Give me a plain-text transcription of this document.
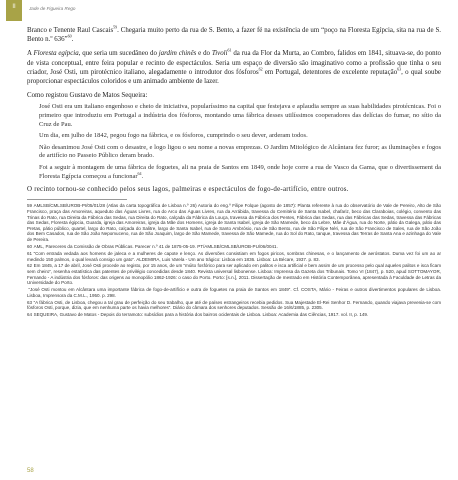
II	Jade de Figueira Rego

Branco e Tenente Raul Cascais$^{59}$. Chegaria muito perto da rua de S. Bento, a fazer fé na existência de um “poço na Floresta Egípcia, sita na rua de S. Bento n.º 636”$^{60}$.

A Floresta egípcia, que seria um sucedâneo do jardim chinês e do Tivoli$^{61}$ da rua da Flor da Murta, ao Combro, falidos em 1841, situava-se, do ponto de vista conceptual, entre feira popular e recinto de espectáculos. Seria um espaço de diversão são imaginativo como a profissão que tinha o seu criador, José Osti, um pirotécnico italiano, alegadamente o introdutor dos fósforos$^{62}$ em Portugal, detentores de excelente reputação$^{63}$, o qual soube proporcionar espectáculos coloridos e um animado ambiente de lazer.

Como registou Gustavo de Matos Sequeira:

José Osti era um italiano engenhoso e cheio de iniciativa, popularíssimo na capital que festejava e aplaudia sempre as suas habilidades pirotécnicas. Foi o primeiro que introduziu em Portugal a indústria dos fósforos, montando uma fábrica desses utilíssimos cooperadores das delícias do fumar, no sítio da Cruz de Pau.

Um dia, em julho de 1842, pegou fogo na fábrica, e os fósforos, cumprindo o seu dever, arderam todos.

Não desanimou José Osti com o desastre, e logo ligou o seu nome a novas emprezas. O Jardim Mitológico de Alcântara fez furor; as iluminações e fogos de artifício no Passeio Público deram brado.

Foi a seguir à montagem de uma fábrica de foguetes, ali na praia de Santos em 1849, onde hoje corre a rua de Vasco da Gama, que o divertissement da Floresta Egípcia começou a funcionar$^{64}$.

O recinto tornou-se conhecido pelos seus lagos, palmeiras e espectáculos de fogo-de-artifício, entre outros.

59 AMLSB/CMLSB/UROB-PI/05/01/28 (Atlas da carta topográfica de Lisboa n.º 26) Autoria do eng.º Filipe Folque (agosto de 1857): Planta referente à rua do observatório de Vale de Pereiro, Alto de São Francisco, praça das Amoreiras, aqueduto das Águas Livres, rua do Arco das Águas Livres, rua da Arrábida, travessa do Cemitério de Santa Isabel, chafariz, beco das Claraboias, colégio, convento das Trinas do Rato, rua Direita da Fábrica das Sedas, rua Direita do Rato, calçada da Fábrica da Louça, travessa da Fábrica dos Pentes, Fábrica das Sedas, rua das Fábricas das Sedas, travessa das Fábricas das Sedas, Floresta égipcia, Guarda, igreja das Amoreiras, igreja da Mãe dos Homens, igreja de Santa Isabel, igreja de São Mamede, beco da Lebre, Mãe d’Água, rua do Norte, pátio da Galega, pátio das Pretas, pátio público, quartel, largo do Rato, calçada do Salitre, largo de Santa Isabel, rua de Santo Ambrósio, rua de São Bento, rua de São Filipe Néri, rua de São Francisco de Sales, rua de São João dos Bem Casados, rua de São João Nepomuceno, rua de São Joaquim, largo de São Mamede, travessa de São Mamede, rua do Sol do Rato, tanque, travessa das Terras de Santa Ana e azinhaga do Vale de Pereira.

60 AML, Pareceres da Comissão de Obras Públicas. Parecer n.º 41 de 1875-05-19. PT/AMLSB/CMLSB/UROB-PU/06/0041.

61 “Com entrada vedada aos homens de jaleca e a mulheres de capote e lenço. As diversões consistiam em fogos piricos, sombras chinesas, e o lançamento de aeróstatos. Duma vez foi um ao ar medindo 150 palmos, o qual levará consigo um gato”. ALDEMIRA, Luis Varela - Um ano trágico: Lisboa em 1836. Lisboa: La Bécare, 1937. p. 83.

62 Em 1845, a 17 de abril, José Osti procede ao registo, por 15 anos, de um “múito fosfórico para ser aplicado em palitos e isca artificial e bem assim de um processo pelo qual aqueles palitos e isca ficam sem cheiro”, resenha estatística das patentes de privilégio concedidas desde 1840. Revista universal lisbonense. Lisboa: Imprensa da Gazeta dos Tribunais. Tomo VI (1847), p. 520, apud SOTTOMAYOR, Fernando - A indústria dos fósforos: das origens ao monopólio 1862-1926: o caso do Porto. Porto: [s.n.], 2011. Dissertação de mestrado em História Contemporânea, apresentada à Faculdade de Letras da Universidade do Porto.

“José Osti montou em Alcântara uma importante fábrica de fogo-de-artifício e outra de foguetes na praia de Santos em 1849”. Cf. COSTA, Mário - Feiras e outros divertimentos populares de Lisboa. Lisboa, Imprensora da C.M.L., 1950. p. 298.

63 “A fábrica Osti, de Lisboa, chegou a tal grau de perfeição do seu trabalho, que até de países estrangeiros recebia pedidos. Sua Majestade El-Rei Senhor D. Fernando, quando viajava prevenia-se com fósforos Osti, porque, dizia, que em nenhuma parte os havia melhores”. Diário do câmara dos senhores deputados. Sessão de 16/6/1885, p. 2305.

64 SEQUEIRA, Gustavo de Matos - Depois do terramoto: subsídios para a história dos bairros ocidentais de Lisboa. Lisboa: Academia das Ciências, 1917. vol. II, p. 149.

58
